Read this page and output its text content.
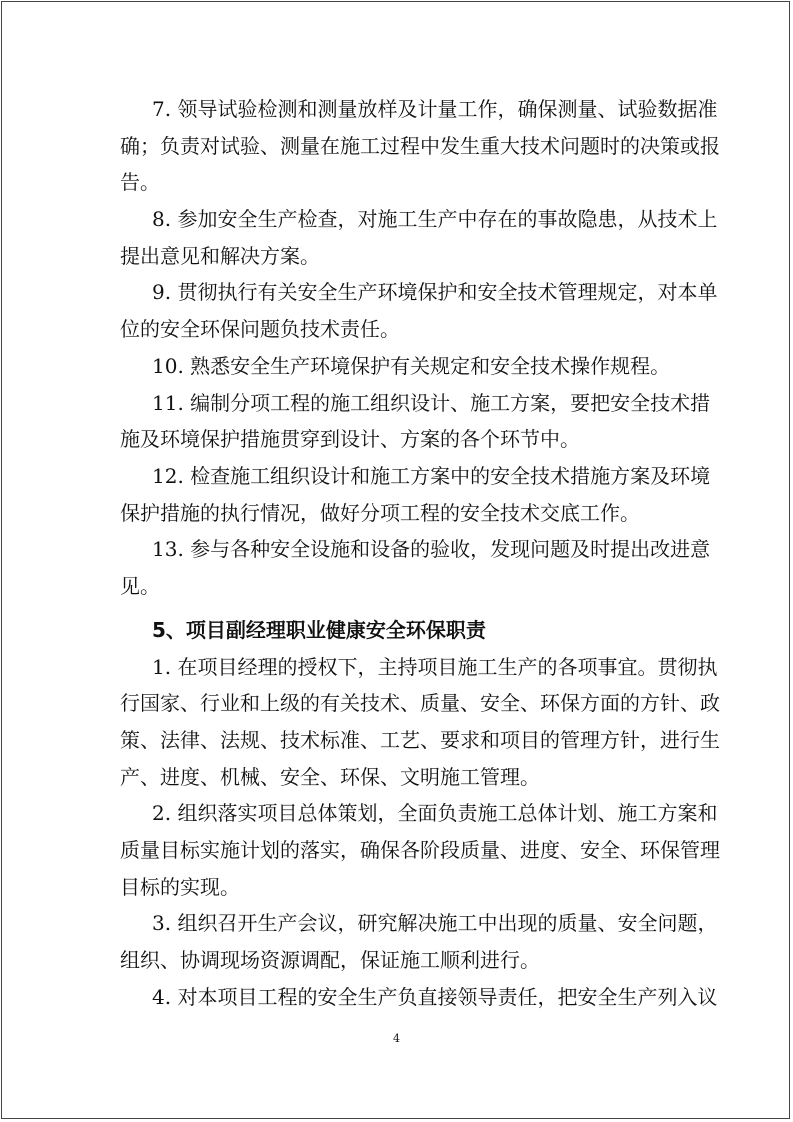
7. 领导试验检测和测量放样及计量工作，确保测量、试验数据准
确；负责对试验、测量在施工过程中发生重大技术问题时的决策或报
告。
8. 参加安全生产检查，对施工生产中存在的事故隐患，从技术上
提出意见和解决方案。
9. 贯彻执行有关安全生产环境保护和安全技术管理规定，对本单
位的安全环保问题负技术责任。
10. 熟悉安全生产环境保护有关规定和安全技术操作规程。
11. 编制分项工程的施工组织设计、施工方案，要把安全技术措
施及环境保护措施贯穿到设计、方案的各个环节中。
12. 检查施工组织设计和施工方案中的安全技术措施方案及环境
保护措施的执行情况，做好分项工程的安全技术交底工作。
13. 参与各种安全设施和设备的验收，发现问题及时提出改进意
见。
5、项目副经理职业健康安全环保职责
1. 在项目经理的授权下，主持项目施工生产的各项事宜。贯彻执
行国家、行业和上级的有关技术、质量、安全、环保方面的方针、政
策、法律、法规、技术标准、工艺、要求和项目的管理方针，进行生
产、进度、机械、安全、环保、文明施工管理。
2. 组织落实项目总体策划，全面负责施工总体计划、施工方案和
质量目标实施计划的落实，确保各阶段质量、进度、安全、环保管理
目标的实现。
3. 组织召开生产会议，研究解决施工中出现的质量、安全问题，
组织、协调现场资源调配，保证施工顺利进行。
4. 对本项目工程的安全生产负直接领导责任，把安全生产列入议
4
